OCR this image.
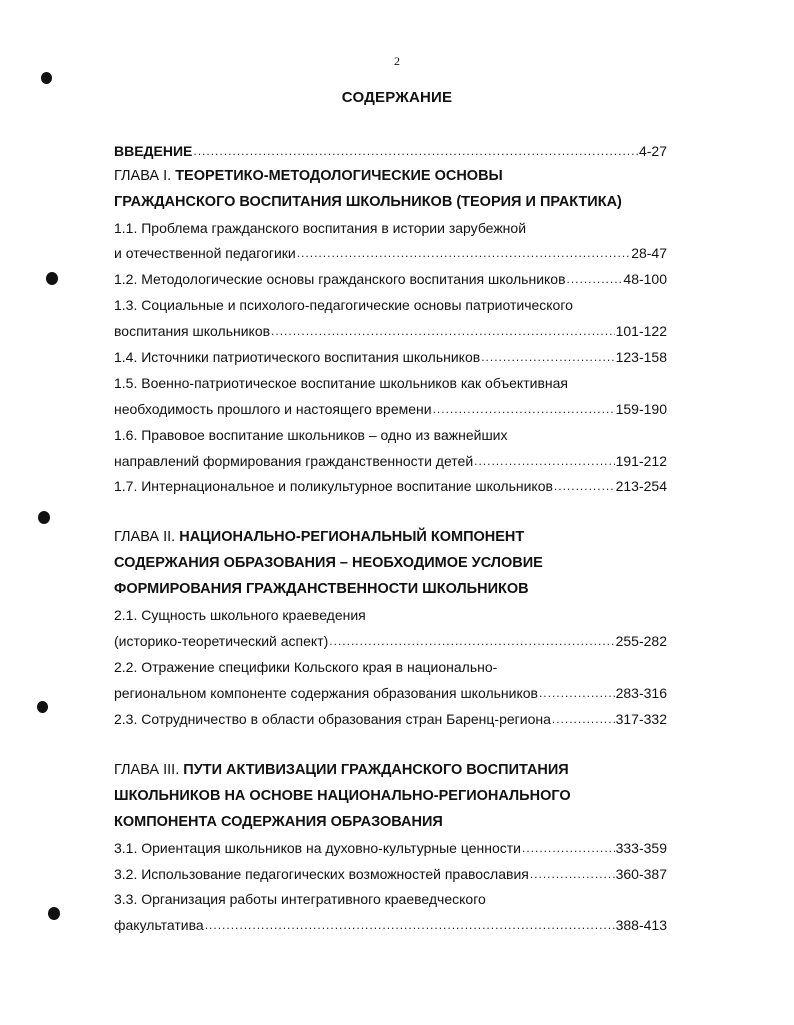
2
СОДЕРЖАНИЕ
ВВЕДЕНИЕ .....	4-27
ГЛАВА I.
ТЕОРЕТИКО-МЕТОДОЛОГИЧЕСКИЕ ОСНОВЫ
ГРАЖДАНСКОГО ВОСПИТАНИЯ ШКОЛЬНИКОВ (ТЕОРИЯ И ПРАКТИКА)
1.1. Проблема гражданского воспитания в истории зарубежной
и отечественной педагогики .....	28-47
1.2. Методологические основы гражданского воспитания школьников .....	48-100
1.3. Социальные и психолого-педагогические основы патриотического
воспитания школьников .....	101-122
1.4. Источники патриотического воспитания школьников .....	123-158
1.5. Военно-патриотическое воспитание школьников как объективная
необходимость прошлого и настоящего времени .....	159-190
1.6. Правовое воспитание школьников – одно из важнейших
направлений формирования гражданственности детей .....	191-212
1.7. Интернациональное и поликультурное воспитание школьников .....	213-254
ГЛАВА II.
НАЦИОНАЛЬНО-РЕГИОНАЛЬНЫЙ КОМПОНЕНТ
СОДЕРЖАНИЯ ОБРАЗОВАНИЯ – НЕОБХОДИМОЕ УСЛОВИЕ
ФОРМИРОВАНИЯ ГРАЖДАНСТВЕННОСТИ ШКОЛЬНИКОВ
2.1. Сущность школьного краеведения
(историко-теоретический аспект) .....	255-282
2.2. Отражение специфики Кольского края в национально-
региональном компоненте содержания образования школьников .....	283-316
2.3. Сотрудничество в области образования стран Баренц-региона .....	317-332
ГЛАВА III.
ПУТИ АКТИВИЗАЦИИ ГРАЖДАНСКОГО ВОСПИТАНИЯ
ШКОЛЬНИКОВ НА ОСНОВЕ НАЦИОНАЛЬНО-РЕГИОНАЛЬНОГО
КОМПОНЕНТА СОДЕРЖАНИЯ ОБРАЗОВАНИЯ
3.1. Ориентация школьников на духовно-культурные ценности .....	333-359
3.2. Использование педагогических возможностей православия .....	360-387
3.3. Организация работы интегративного краеведческого
факультатива .....	388-413
